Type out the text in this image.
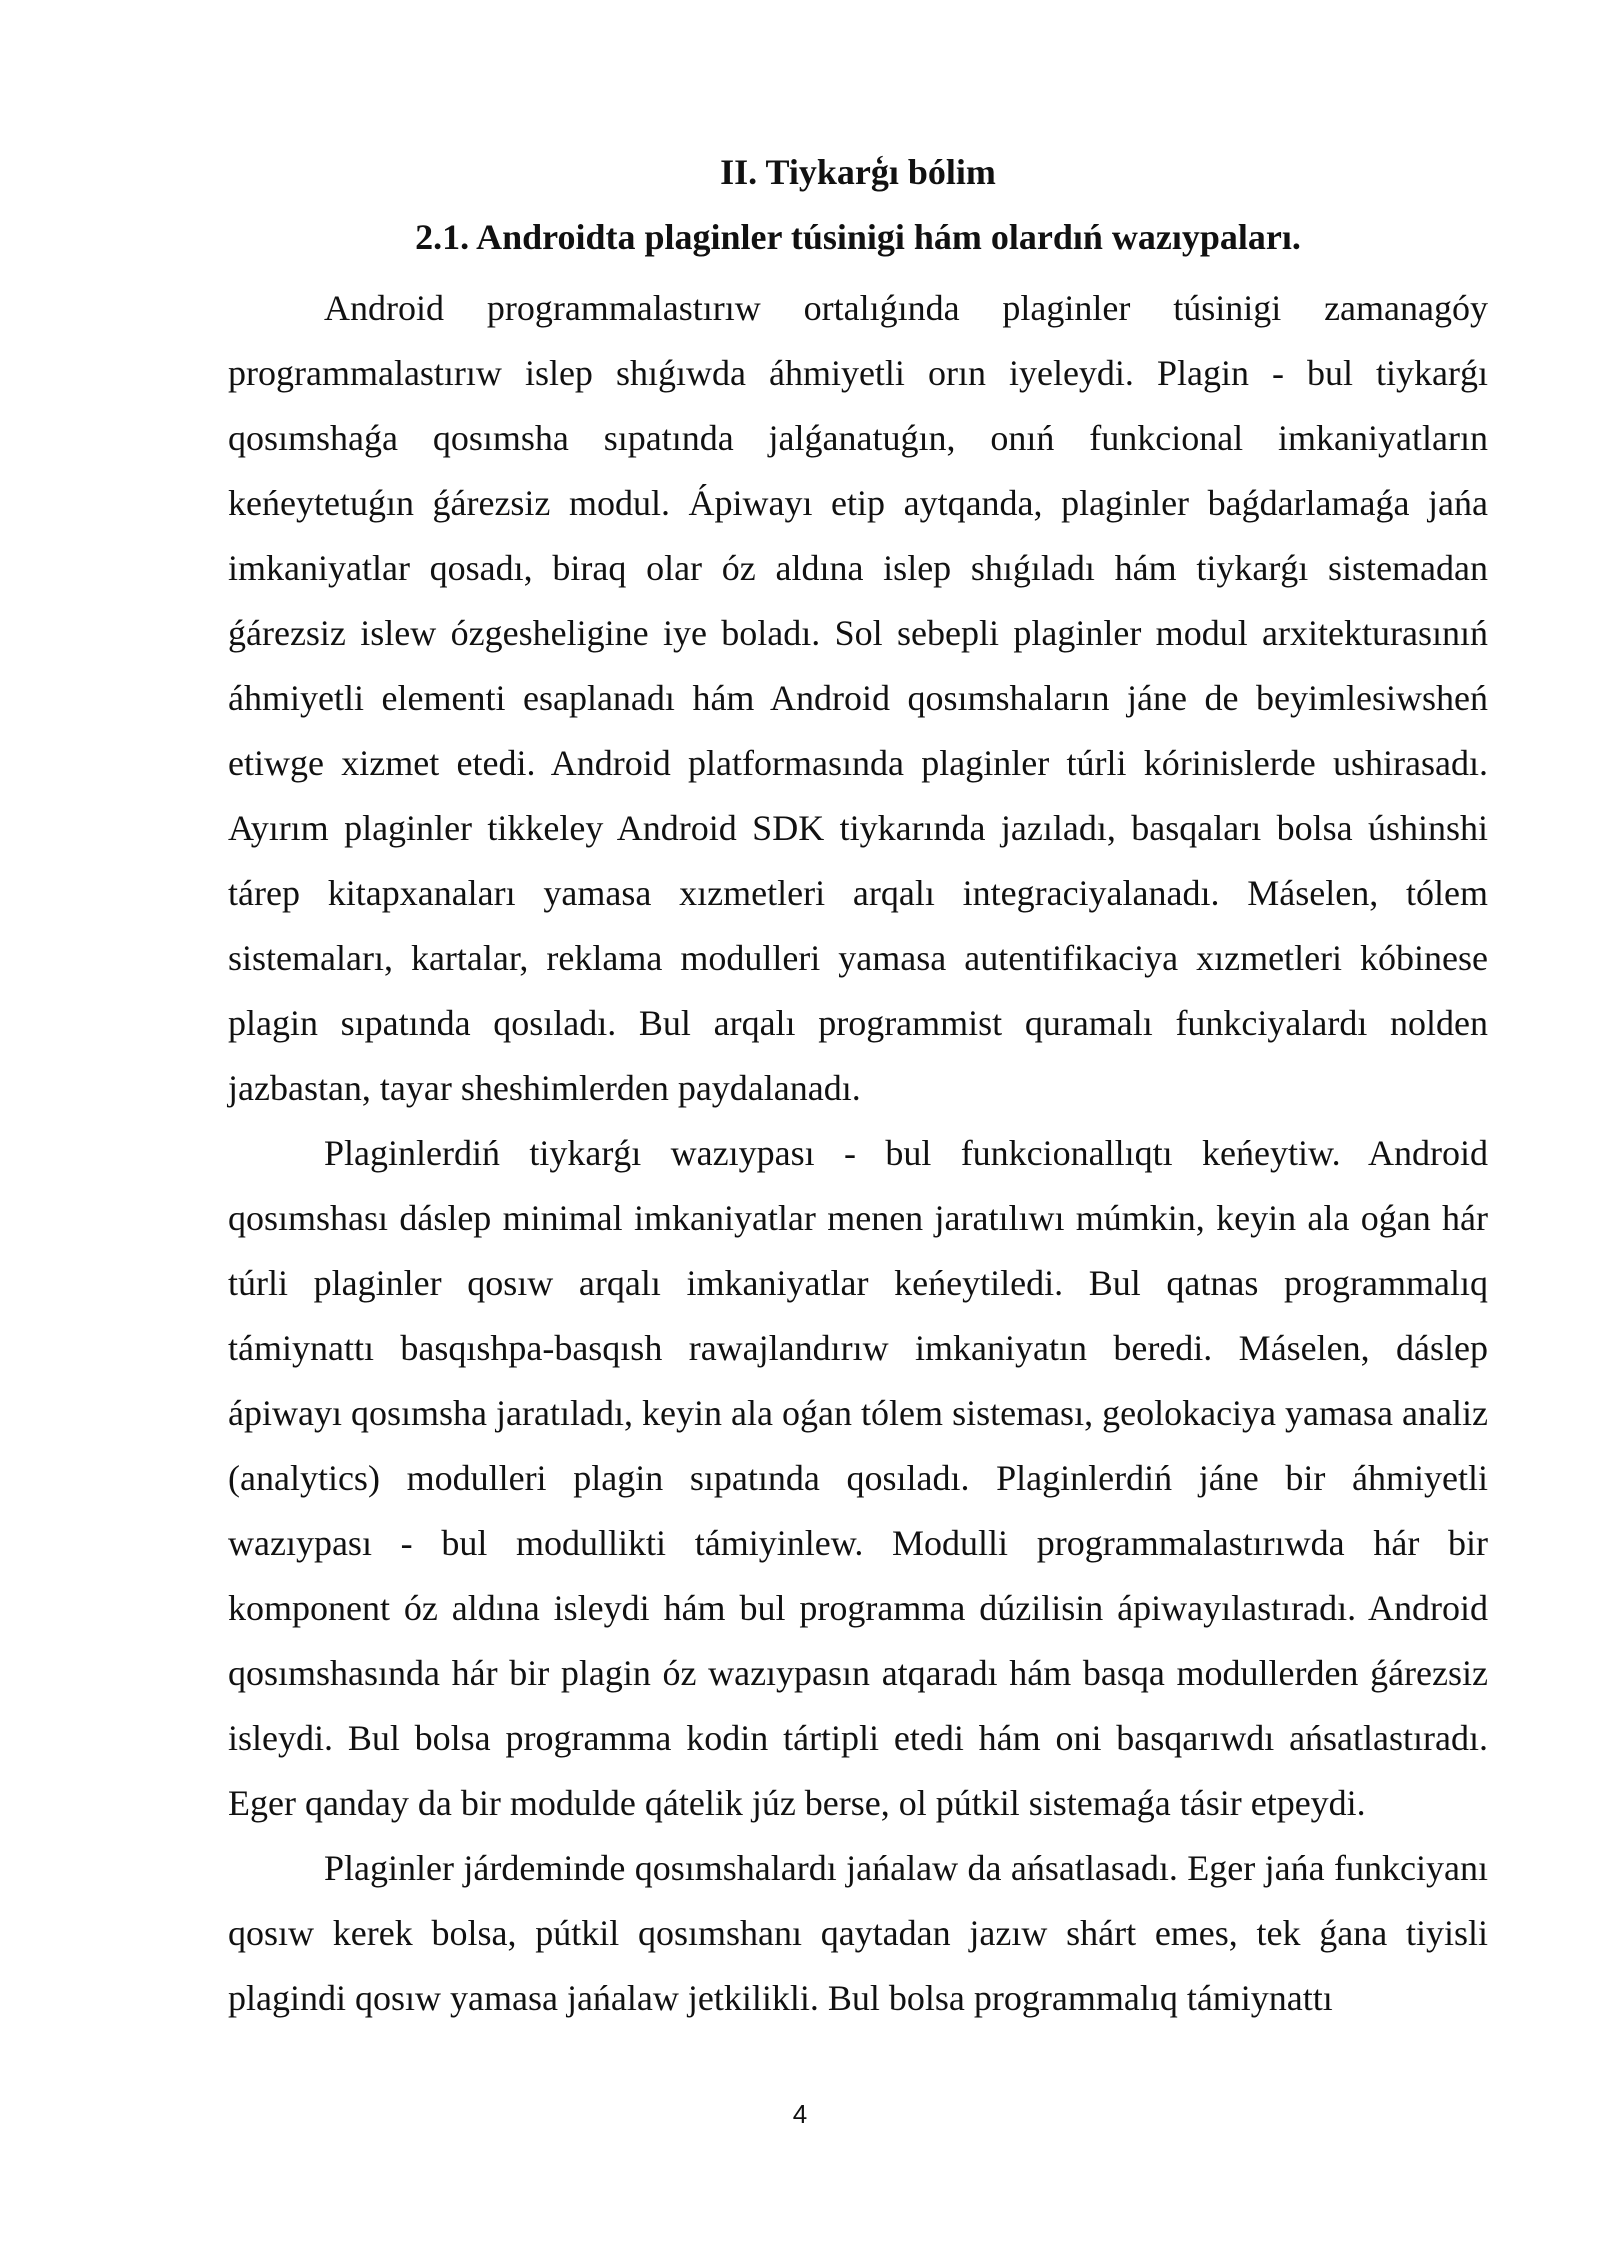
II. Tiykarģı bólim
2.1. Androidta plaginler túsinigi hám olardıń wazıypaları.

Android programmalastırıw ortalıǵında plaginler túsinigi zamanagóy programmalastırıw islep shıǵıwda áhmiyetli orın iyeleydi. Plagin - bul tiykarǵı qosımshaǵa qosımsha sıpatında jalǵanatuǵın, onıń funkcional imkaniyatların keńeytetuǵın ǵárezsiz modul. Ápiwayı etip aytqanda, plaginler baǵdarlamaǵa jańa imkaniyatlar qosadı, biraq olar óz aldına islep shıǵıladı hám tiykarǵı sistemadan ǵárezsiz islew ózgesheligine iye boladı. Sol sebepli plaginler modul arxitekturasınıń áhmiyetli elementi esaplanadı hám Android qosımshaların jáne de beyimlesiwsheń etiwge xizmet etedi. Android platformasında plaginler túrli kórinislerde ushirasadı. Ayırım plaginler tikkeley Android SDK tiykarında jazıladı, basqaları bolsa úshinshi tárep kitapxanaları yamasa xızmetleri arqalı integraciyalanadı. Máselen, tólem sistemaları, kartalar, reklama modulleri yamasa autentifikaciya xızmetleri kóbinese plagin sıpatında qosıladı. Bul arqalı programmist quramalı funkciyalardı nolden jazbastan, tayar sheshimlerden paydalanadı.

Plaginlerdiń tiykarǵı wazıypası - bul funkcionallıqtı keńeytiw. Android qosımshası dáslep minimal imkaniyatlar menen jaratılıwı múmkin, keyin ala oǵan hár túrli plaginler qosıw arqalı imkaniyatlar keńeytiledi. Bul qatnas programmalıq támiynattı basqıshpa-basqısh rawajlandırıw imkaniyatın beredi. Máselen, dáslep ápiwayı qosımsha jaratıladı, keyin ala oǵan tólem sisteması, geolokaciya yamasa analiz (analytics) modulleri plagin sıpatında qosıladı. Plaginlerdiń jáne bir áhmiyetli wazıypası - bul modullikti támiyinlew. Modulli programmalastırıwda hár bir komponent óz aldına isleydi hám bul programma dúzilisin ápiwayılastıradı. Android qosımshasında hár bir plagin óz wazıypasın atqaradı hám basqa modullerden ǵárezsiz isleydi. Bul bolsa programma kodin tártipli etedi hám oni basqarıwdı ańsatlastıradı. Eger qanday da bir modulde qátelik júz berse, ol pútkil sistemaǵa tásir etpeydi.

Plaginler járdeminde qosımshalardı jańalaw da ańsatlasadı. Eger jańa funkciyanı qosıw kerek bolsa, pútkil qosımshanı qaytadan jazıw shárt emes, tek ǵana tiyisli plagindi qosıw yamasa jańalaw jetkilikli. Bul bolsa programmalıq támiynattı

4
